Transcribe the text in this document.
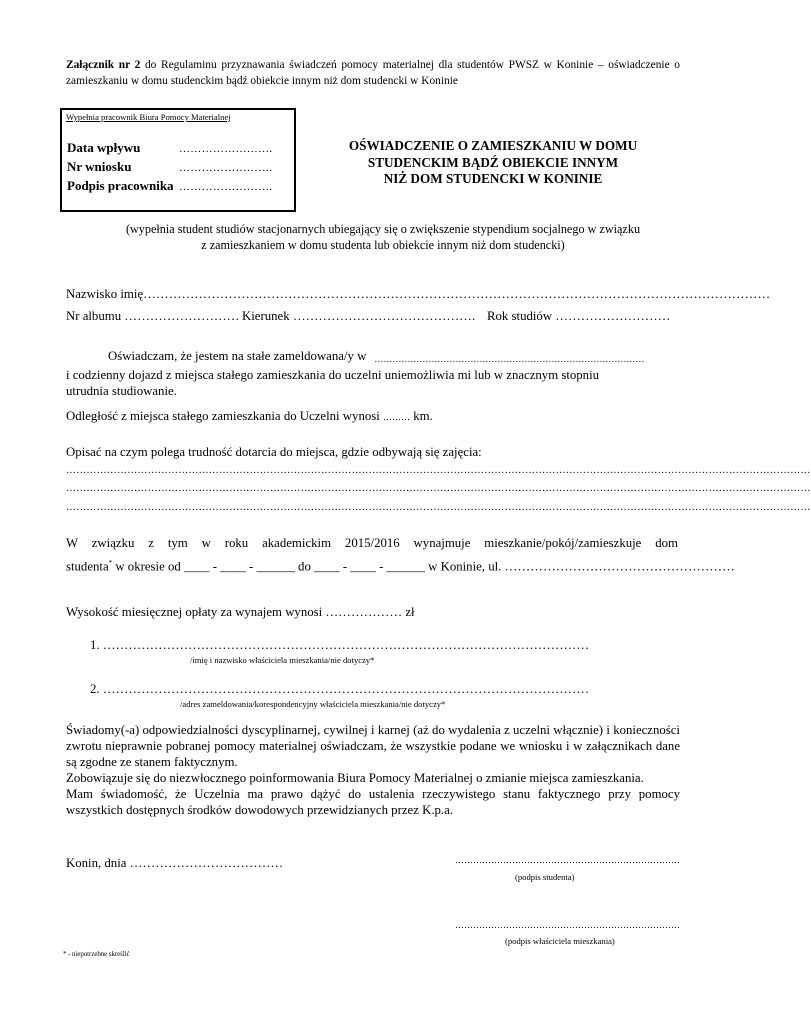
Załącznik nr 2 do Regulaminu przyznawania świadczeń pomocy materialnej dla studentów PWSZ w Koninie – oświadczenie o zamieszkaniu w domu studenckim bądź obiekcie innym niż dom studencki w Koninie
Wypełnia pracownik Biura Pomocy Materialnej
Data wpływu	…………………….
Nr wniosku	…………………….
Podpis pracownika …………………….
OŚWIADCZENIE O ZAMIESZKANIU W DOMU
STUDENCKIM BĄDŹ OBIEKCIE INNYM
NIŻ DOM STUDENCKI W KONINIE
(wypełnia student studiów stacjonarnych ubiegający się o zwiększenie stypendium socjalnego w związku
z zamieszkaniem w domu studenta lub obiekcie innym niż dom studencki)
Nazwisko imię…………………………………………………………………………………………………………………………………
Nr albumu ……………………… Kierunek ……………………………………. Rok studiów ………………………
Oświadczam, że jestem na stałe zameldowana/y w ………………………………………………………………………………
i codzienny dojazd z miejsca stałego zamieszkania do uczelni uniemożliwia mi lub w znacznym stopniu
utrudnia studiowanie.
Odległość z miejsca stałego zamieszkania do Uczelni wynosi ……… km.
Opisać na czym polega trudność dotarcia do miejsca, gdzie odbywają się zajęcia:
…………………………………………………………………………………………………………………………………………………………………………………………………
…………………………………………………………………………………………………………………………………………………………………………………………………
…………………………………………………………………………………………………………………………………………………………………………………………………
W związku z tym w roku akademickim 2015/2016 wynajmuje mieszkanie/pokój/zamieszkuje dom
studenta* w okresie od ____ - ____ - ______ do ____ - ____ - ______ w Koninie, ul. ………………………………………………
Wysokość miesięcznej opłaty za wynajem wynosi ……………… zł
1. ……………………………………………………………………………………………………
/imię i nazwisko właściciela mieszkania/nie dotyczy*
2. ……………………………………………………………………………………………………
/adres zameldowania/korespondencyjny właściciela mieszkania/nie dotyczy*
Świadomy(-a) odpowiedzialności dyscyplinarnej, cywilnej i karnej (aż do wydalenia z uczelni włącznie) i konieczności zwrotu nieprawnie pobranej pomocy materialnej oświadczam, że wszystkie podane we wniosku i w załącznikach dane są zgodne ze stanem faktycznym.
Zobowiązuje się do niezwłocznego poinformowania Biura Pomocy Materialnej o zmianie miejsca zamieszkania.
Mam świadomość, że Uczelnia ma prawo dążyć do ustalenia rzeczywistego stanu faktycznego przy pomocy wszystkich dostępnych środków dowodowych przewidzianych przez K.p.a.
Konin, dnia ………………………………	…………………………………………………………………
(podpis studenta)
…………………………………………………………………
(podpis właściciela mieszkania)
* - niepotrzebne skreślić
